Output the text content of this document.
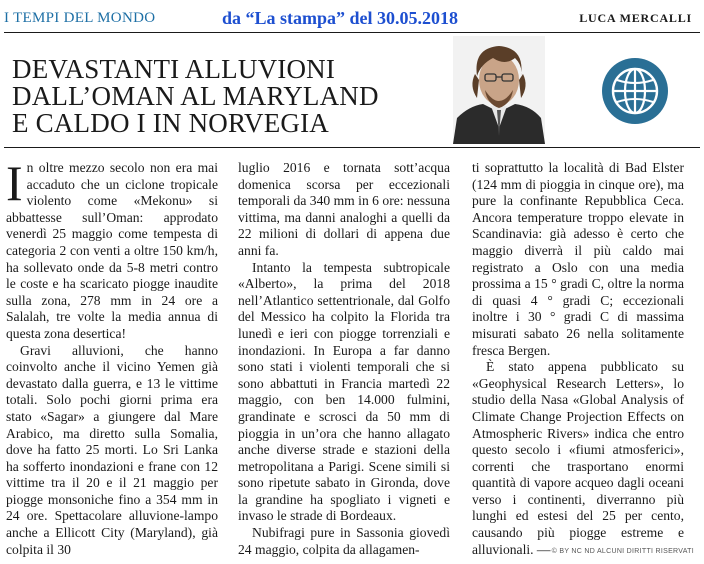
I TEMPI DEL MONDO	da “La stampa” del 30.05.2018	LUCA MERCALLI
DEVASTANTI ALLUVIONI
DALL’OMAN AL MARYLAND
E CALDO I IN NORVEGIA

In oltre mezzo secolo non era mai accaduto che un ciclone tropicale violento come «Mekonu» si abbattesse sull’Oman: approdato venerdì 25 maggio come tempesta di categoria 2 con venti a oltre 150 km/h, ha sollevato onde da 5-8 metri contro le coste e ha scaricato piogge inaudite sulla zona, 278 mm in 24 ore a Salalah, tre volte la media annua di questa zona desertica!

Gravi alluvioni, che hanno coinvolto anche il vicino Yemen già devastato dalla guerra, e 13 le vittime totali. Solo pochi giorni prima era stato «Sagar» a giungere dal Mare Arabico, ma diretto sulla Somalia, dove ha fatto 25 morti. Lo Sri Lanka ha sofferto inondazioni e frane con 12 vittime tra il 20 e il 21 maggio per piogge monsoniche fino a 354 mm in 24 ore. Spettacolare alluvione-lampo anche a Ellicott City (Maryland), già colpita il 30

luglio 2016 e tornata sott’acqua domenica scorsa per eccezionali temporali da 340 mm in 6 ore: nessuna vittima, ma danni analoghi a quelli da 22 milioni di dollari di appena due anni fa.

Intanto la tempesta subtropicale «Alberto», la prima del 2018 nell’Atlantico settentrionale, dal Golfo del Messico ha colpito la Florida tra lunedì e ieri con piogge torrenziali e inondazioni. In Europa a far danno sono stati i violenti temporali che si sono abbattuti in Francia martedì 22 maggio, con ben 14.000 fulmini, grandinate e scrosci da 50 mm di pioggia in un’ora che hanno allagato anche diverse strade e stazioni della metropolitana a Parigi. Scene simili si sono ripetute sabato in Gironda, dove la grandine ha spogliato i vigneti e invaso le strade di Bordeaux.

Nubifragi pure in Sassonia giovedì 24 maggio, colpita da allagamen-

ti soprattutto la località di Bad Elster (124 mm di pioggia in cinque ore), ma pure la confinante Repubblica Ceca. Ancora temperature troppo elevate in Scandinavia: già adesso è certo che maggio diverrà il più caldo mai registrato a Oslo con una media prossima a 15 ° gradi C, oltre la norma di quasi 4 ° gradi C; eccezionali inoltre i 30 ° gradi C di massima misurati sabato 26 nella solitamente fresca Bergen.

È stato appena pubblicato su «Geophysical Research Letters», lo studio della Nasa «Global Analysis of Climate Change Projection Effects on Atmospheric Rivers» indica che entro questo secolo i «fiumi atmosferici», correnti che trasportano enormi quantità di vapore acqueo dagli oceani verso i continenti, diverranno più lunghi ed estesi del 25 per cento, causando più piogge estreme e alluvionali. — © BY NC ND ALCUNI DIRITTI RISERVATI
